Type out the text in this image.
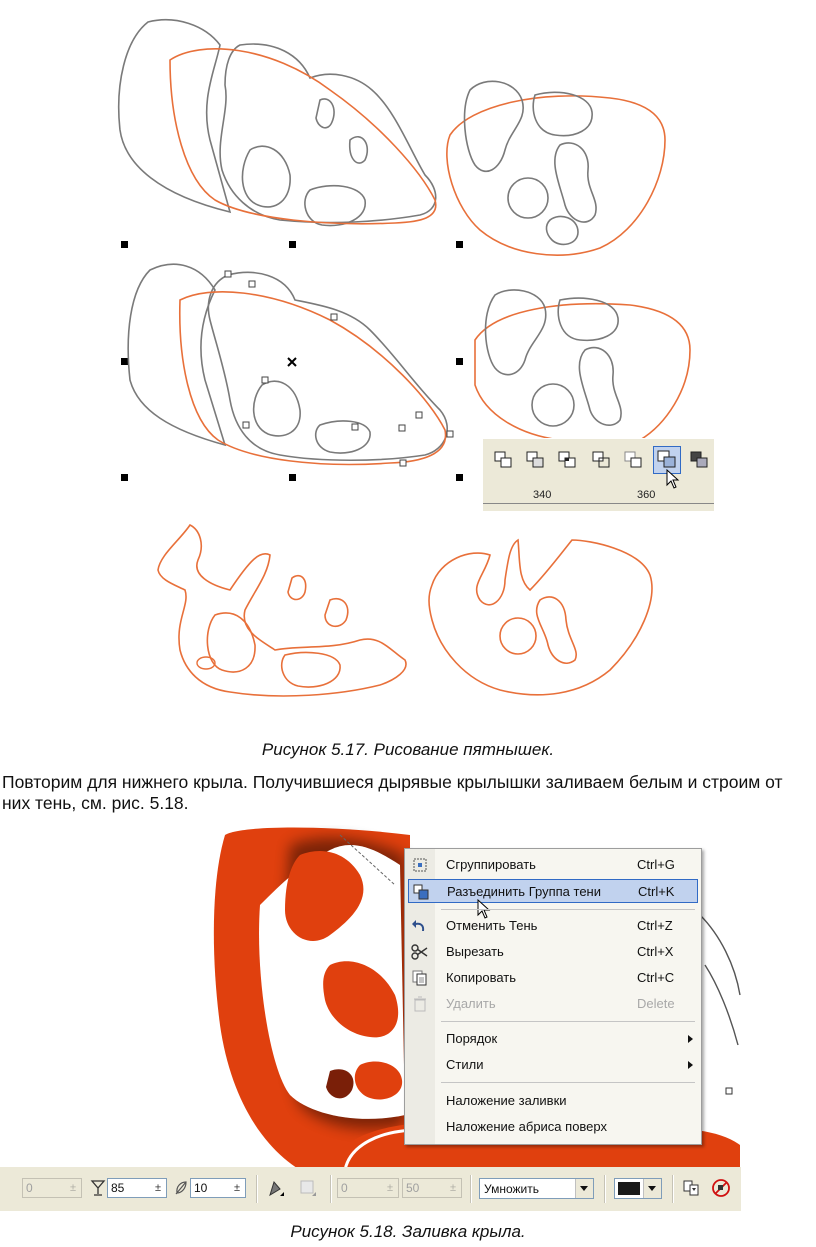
340	360
Рисунок 5.17. Рисование пятнышек.

Повторим для нижнего крыла. Получившиеся дырявые крылышки заливаем белым и строим от них тень, см. рис. 5.18.

Сгруппировать	Ctrl+G
Разъединить Группа тени	Ctrl+K
Отменить Тень	Ctrl+Z
Вырезать	Ctrl+X
Копировать	Ctrl+C
Удалить	Delete
Порядок
Стили
Наложение заливки
Наложение абриса поверх
0	±	85	±	10 ±	0	±	50	±	Умножить
Рисунок 5.18. Заливка крыла.
